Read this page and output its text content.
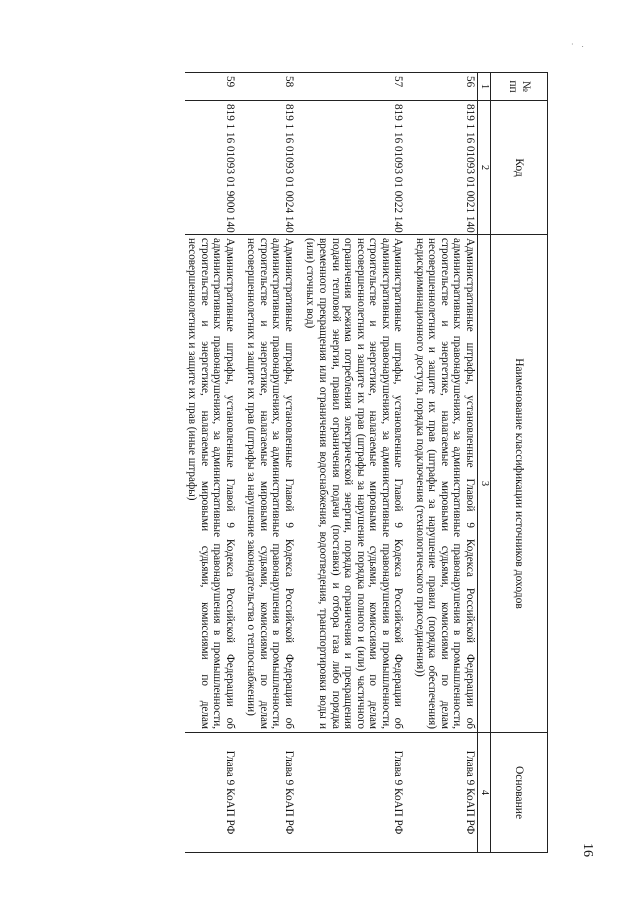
· .
16
№ пп	Код	Наименование классификации источников доходов	Основание
1	2	3	4
56	819 1 16 01093 01 0021 140	Административные штрафы, установленные Главой 9 Кодекса Российской Федерации об административных правонарушениях, за административные правонарушения в промышленности, строительстве и энергетике, налагаемые мировыми судьями, комиссиями по делам несовершеннолетних и защите их прав (штрафы за нарушение правил (порядка обеспечения) недискриминационного доступа, порядка подключения (технологического присоединения))	Глава 9 КоАП РФ
57	819 1 16 01093 01 0022 140	Административные штрафы, установленные Главой 9 Кодекса Российской Федерации об административных правонарушениях, за административные правонарушения в промышленности, строительстве и энергетике, налагаемые мировыми судьями, комиссиями по делам несовершеннолетних и защите их прав (штрафы за нарушение порядка полного и (или) частичного ограничения режима потребления электрической энергии, порядка ограничения и прекращения подачи тепловой энергии, правил ограничения подачи (поставки) и отбора газа либо порядка временного прекращения или ограничения водоснабжения, водоотведения, транспортировки воды и (или) сточных вод)	Глава 9 КоАП РФ
58	819 1 16 01093 01 0024 140	Административные штрафы, установленные Главой 9 Кодекса Российской Федерации об административных правонарушениях, за административные правонарушения в промышленности, строительстве и энергетике, налагаемые мировыми судьями, комиссиями по делам несовершеннолетних и защите их прав (штрафы за нарушение законодательства о теплоснабжении)	Глава 9 КоАП РФ
59	819 1 16 01093 01 9000 140	Административные штрафы, установленные Главой 9 Кодекса Российской Федерации об административных правонарушениях, за административные правонарушения в промышленности, строительстве и энергетике, налагаемые мировыми судьями, комиссиями по делам несовершеннолетних и защите их прав (иные штрафы)	Глава 9 КоАП РФ
